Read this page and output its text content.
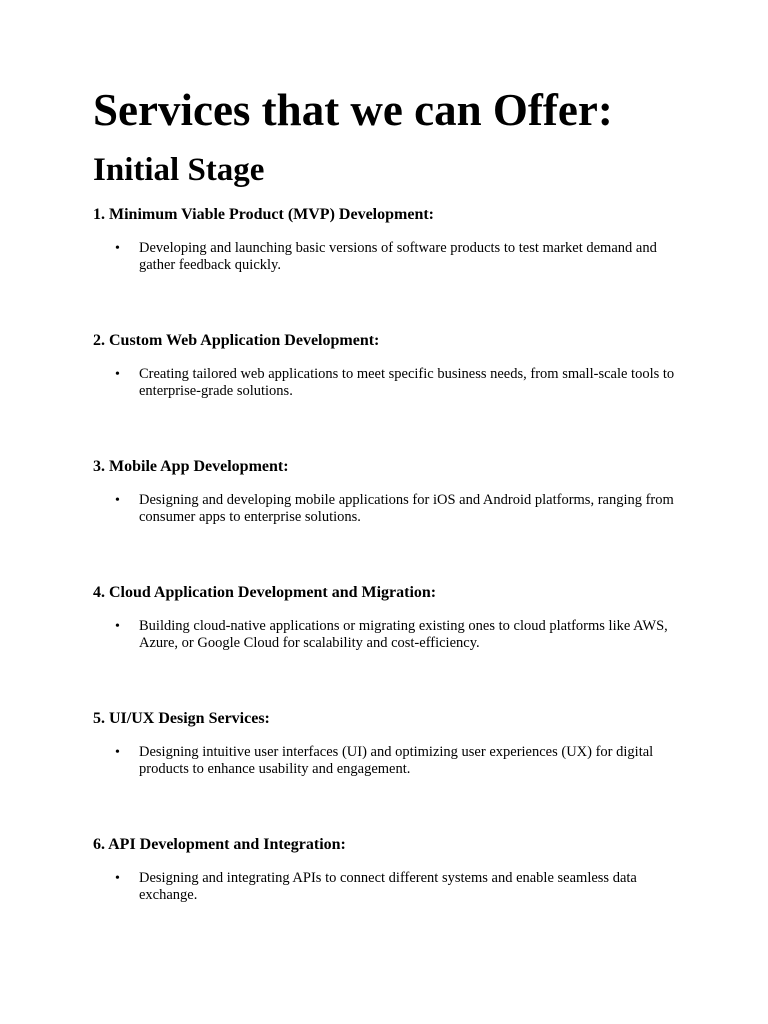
Services that we can Offer:
Initial Stage
1. Minimum Viable Product (MVP) Development:
• Developing and launching basic versions of software products to test market demand and gather feedback quickly.
2. Custom Web Application Development:
• Creating tailored web applications to meet specific business needs, from small-scale tools to enterprise-grade solutions.
3. Mobile App Development:
• Designing and developing mobile applications for iOS and Android platforms, ranging from consumer apps to enterprise solutions.
4. Cloud Application Development and Migration:
• Building cloud-native applications or migrating existing ones to cloud platforms like AWS, Azure, or Google Cloud for scalability and cost-efficiency.
5. UI/UX Design Services:
• Designing intuitive user interfaces (UI) and optimizing user experiences (UX) for digital products to enhance usability and engagement.
6. API Development and Integration:
• Designing and integrating APIs to connect different systems and enable seamless data exchange.
